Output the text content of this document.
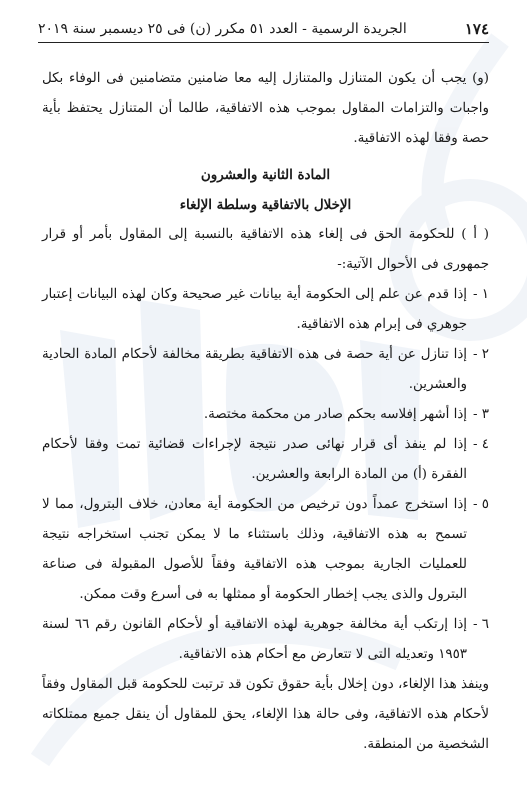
١٧٤
الجريدة الرسمية - العدد ٥١ مكرر (ن) فى ٢٥ ديسمبر سنة ٢٠١٩

(و) يجب أن يكون المتنازل والمتنازل إليه معا ضامنين متضامنين فى الوفاء بكل واجبات والتزامات المقاول بموجب هذه الاتفاقية، طالما أن المتنازل يحتفظ بأية حصة وفقا لهذه الاتفاقية.

المادة الثانية والعشرون

الإخلال بالاتفاقية وسلطة الإلغاء

( أ ) للحكومة الحق فى إلغاء هذه الاتفاقية بالنسبة إلى المقاول بأمر أو قرار جمهورى فى الأحوال الآتية:-

١ -
إذا قدم عن علم إلى الحكومة أية بيانات غير صحيحة وكان لهذه البيانات إعتبار جوهري فى إبرام هذه الاتفاقية.
٢ -
إذا تنازل عن أية حصة فى هذه الاتفاقية بطريقة مخالفة لأحكام المادة الحادية والعشرين.
٣ -
إذا أشهر إفلاسه بحكم صادر من محكمة مختصة.
٤ -
إذا لم ينفذ أى قرار نهائى صدر نتيجة لإجراءات قضائية تمت وفقا لأحكام الفقرة (أ) من المادة الرابعة والعشرين.
٥ -
إذا استخرج عمداً دون ترخيص من الحكومة أية معادن، خلاف البترول، مما لا تسمح به هذه الاتفاقية، وذلك باستثناء ما لا يمكن تجنب استخراجه نتيجة للعمليات الجارية بموجب هذه الاتفاقية وفقاً للأصول المقبولة فى صناعة البترول والذى يجب إخطار الحكومة أو ممثلها به فى أسرع وقت ممكن.
٦ -
إذا إرتكب أية مخالفة جوهرية لهذه الاتفاقية أو لأحكام القانون رقم ٦٦ لسنة ١٩٥٣ وتعديله التى لا تتعارض مع أحكام هذه الاتفاقية.

وينفذ هذا الإلغاء، دون إخلال بأية حقوق تكون قد ترتبت للحكومة قبل المقاول وفقاً لأحكام هذه الاتفاقية، وفى حالة هذا الإلغاء، يحق للمقاول أن ينقل جميع ممتلكاته الشخصية من المنطقة.
